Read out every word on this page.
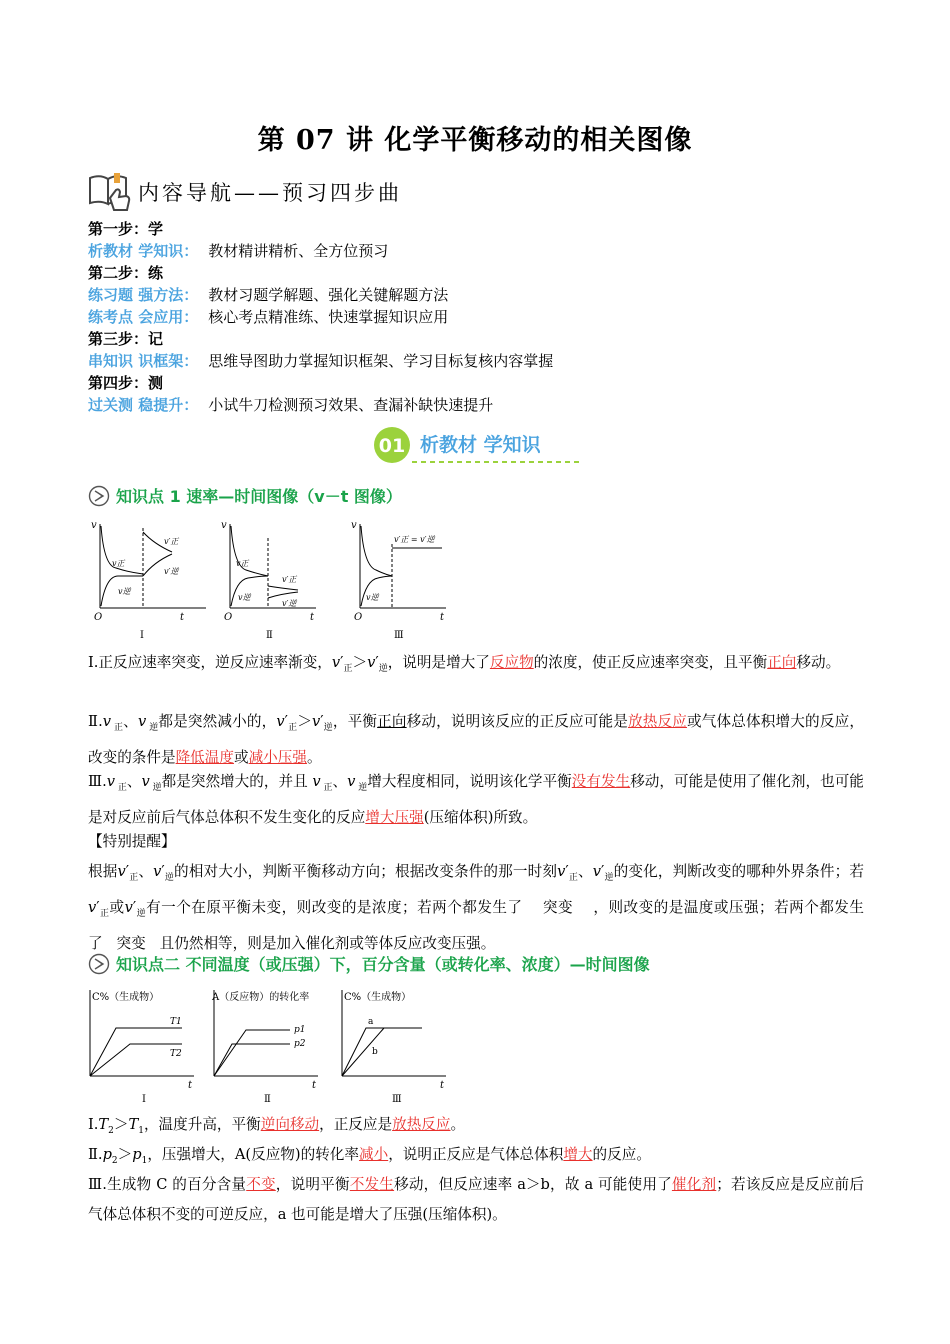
第 07 讲 化学平衡移动的相关图像
内容导航——预习四步曲
第一步：学
析教材 学知识： 教材精讲精析、全方位预习
第二步：练
练习题 强方法： 教材习题学解题、强化关键解题方法
练考点 会应用： 核心考点精准练、快速掌握知识应用
第三步：记
串知识 识框架： 思维导图助力掌握知识框架、学习目标复核内容掌握
第四步：测
过关测 稳提升： 小试牛刀检测预习效果、查漏补缺快速提升
01 析教材 学知识
知识点 1 速率—时间图像（v－t 图像）
v
t
O
v正
v逆
v′正
v′逆
Ⅰ
v
t
O
v正
v逆
v′正
v′逆
Ⅱ
v
t
O
v′正 = v′逆
v逆
Ⅲ
Ⅰ.正反应速率突变，逆反应速率渐变，$v'_正>v'_逆$，说明是增大了反应物的浓度，使正反应速率突变，且平衡正向移动。
Ⅱ.v $_正$、v $_逆$都是突然减小的，$v'_正>v'_逆$，平衡正向移动，说明该反应的正反应可能是放热反应或气体总体积增大的反应，改变的条件是降低温度或减小压强。
Ⅲ.v $_正$、v $_逆$都是突然增大的，并且 v $_正$、v $_逆$增大程度相同，说明该化学平衡没有发生移动，可能是使用了催化剂，也可能是对反应前后气体总体积不发生变化的反应增大压强(压缩体积)所致。
【特别提醒】
根据$v'_正$、$v'_逆$的相对大小，判断平衡移动方向；根据改变条件的那一时刻$v'_正$、$v'_逆$的变化，判断改变的哪种外界条件；若$v'_正$或$v'_逆$有一个在原平衡未变，则改变的是浓度；若两个都发生了 突变 ，则改变的是温度或压强；若两个都发生了 突变 且仍然相等，则是加入催化剂或等体反应改变压强。
知识点二 不同温度（或压强）下，百分含量（或转化率、浓度）—时间图像
C%（生成物）
t
T1
T2
Ⅰ
A（反应物）的转化率
t
p1
p2
Ⅱ
C%（生成物）
t
a
b
Ⅲ
$Ⅰ.T_2>T_1$，温度升高，平衡逆向移动，正反应是放热反应。
$Ⅱ.p_2>p_1$，压强增大，A(反应物)的转化率减小，说明正反应是气体总体积增大的反应。
Ⅲ.生成物 C 的百分含量不变，说明平衡不发生移动，但反应速率 a＞b，故 a 可能使用了催化剂；若该反应是反应前后气体总体积不变的可逆反应，a 也可能是增大了压强(压缩体积)。
